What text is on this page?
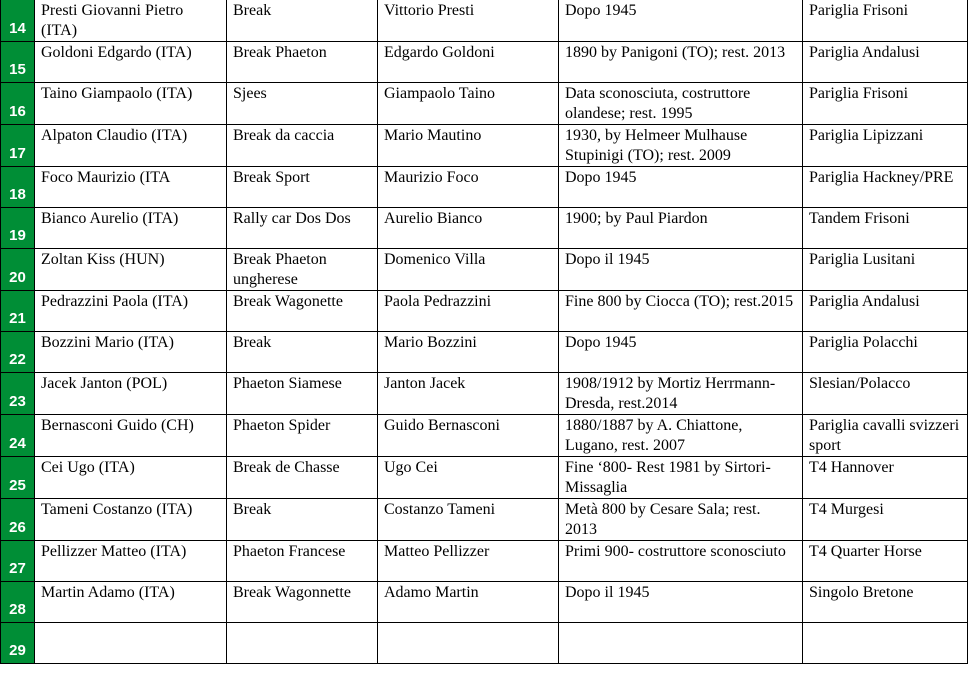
14	Presti Giovanni Pietro (ITA)	Break	Vittorio Presti	Dopo 1945	Pariglia Frisoni
15	Goldoni Edgardo (ITA)	Break Phaeton	Edgardo Goldoni	1890 by Panigoni (TO); rest. 2013	Pariglia Andalusi
16	Taino Giampaolo (ITA)	Sjees	Giampaolo Taino	Data sconosciuta, costruttore olandese; rest. 1995	Pariglia Frisoni
17	Alpaton Claudio (ITA)	Break da caccia	Mario Mautino	1930, by Helmeer Mulhause Stupinigi (TO); rest. 2009	Pariglia Lipizzani
18	Foco Maurizio (ITA	Break Sport	Maurizio Foco	Dopo 1945	Pariglia Hackney/PRE
19	Bianco Aurelio (ITA)	Rally car Dos Dos	Aurelio Bianco	1900; by Paul Piardon	Tandem Frisoni
20	Zoltan Kiss (HUN)	Break Phaeton ungherese	Domenico Villa	Dopo il 1945	Pariglia Lusitani
21	Pedrazzini Paola (ITA)	Break Wagonette	Paola Pedrazzini	Fine 800 by Ciocca (TO); rest.2015	Pariglia Andalusi
22	Bozzini Mario (ITA)	Break	Mario Bozzini	Dopo 1945	Pariglia Polacchi
23	Jacek Janton (POL)	Phaeton Siamese	Janton Jacek	1908/1912 by Mortiz Herrmann- Dresda, rest.2014	Slesian/Polacco
24	Bernasconi Guido (CH)	Phaeton Spider	Guido Bernasconi	1880/1887 by A. Chiattone, Lugano, rest. 2007	Pariglia cavalli svizzeri sport
25	Cei Ugo (ITA)	Break de Chasse	Ugo Cei	Fine ‘800- Rest 1981 by Sirtori-Missaglia	T4 Hannover
26	Tameni Costanzo (ITA)	Break	Costanzo Tameni	Metà 800 by Cesare Sala; rest. 2013	T4 Murgesi
27	Pellizzer Matteo (ITA)	Phaeton Francese	Matteo Pellizzer	Primi 900- costruttore sconosciuto	T4 Quarter Horse
28	Martin Adamo (ITA)	Break Wagonnette	Adamo Martin	Dopo il 1945	Singolo Bretone
29					
